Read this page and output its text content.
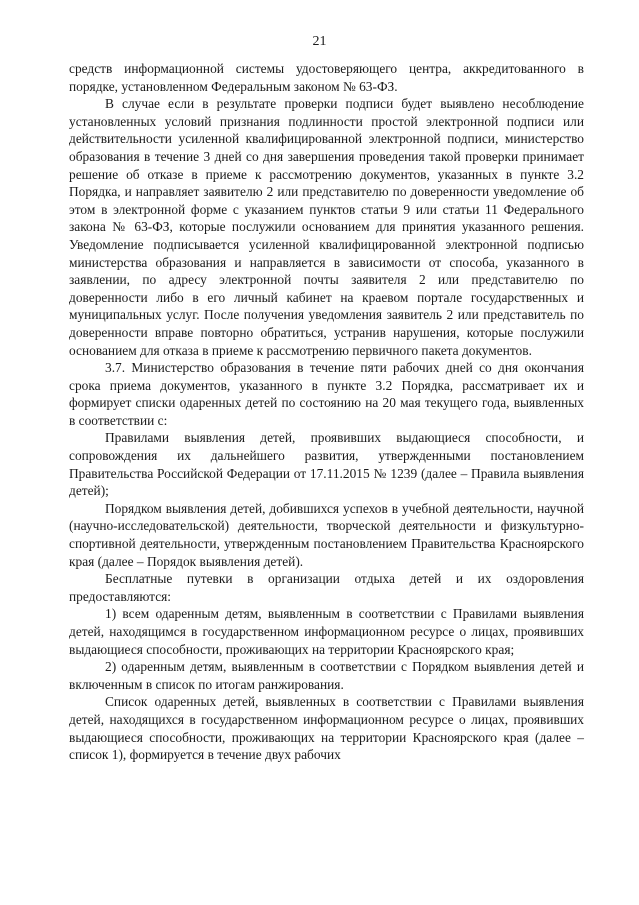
21

средств информационной системы удостоверяющего центра, аккредитованного в порядке, установленном Федеральным законом № 63-ФЗ.

В случае если в результате проверки подписи будет выявлено несоблюдение установленных условий признания подлинности простой электронной подписи или действительности усиленной квалифицированной электронной подписи, министерство образования в течение 3 дней со дня завершения проведения такой проверки принимает решение об отказе в приеме к рассмотрению документов, указанных в пункте 3.2 Порядка, и направляет заявителю 2 или представителю по доверенности уведомление об этом в электронной форме с указанием пунктов статьи 9 или статьи 11 Федерального закона № 63-ФЗ, которые послужили основанием для принятия указанного решения. Уведомление подписывается усиленной квалифицированной электронной подписью министерства образования и направляется в зависимости от способа, указанного в заявлении, по адресу электронной почты заявителя 2 или представителю по доверенности либо в его личный кабинет на краевом портале государственных и муниципальных услуг. После получения уведомления заявитель 2 или представитель по доверенности вправе повторно обратиться, устранив нарушения, которые послужили основанием для отказа в приеме к рассмотрению первичного пакета документов.

3.7. Министерство образования в течение пяти рабочих дней со дня окончания срока приема документов, указанного в пункте 3.2 Порядка, рассматривает их и формирует списки одаренных детей по состоянию на 20 мая текущего года, выявленных в соответствии с:

Правилами выявления детей, проявивших выдающиеся способности, и сопровождения их дальнейшего развития, утвержденными постановлением Правительства Российской Федерации от 17.11.2015 № 1239 (далее – Правила выявления детей);

Порядком выявления детей, добившихся успехов в учебной деятельности, научной (научно-исследовательской) деятельности, творческой деятельности и физкультурно-спортивной деятельности, утвержденным постановлением Правительства Красноярского края (далее – Порядок выявления детей).

Бесплатные путевки в организации отдыха детей и их оздоровления предоставляются:

1) всем одаренным детям, выявленным в соответствии с Правилами выявления детей, находящимся в государственном информационном ресурсе о лицах, проявивших выдающиеся способности, проживающих на территории Красноярского края;

2) одаренным детям, выявленным в соответствии с Порядком выявления детей и включенным в список по итогам ранжирования.

Список одаренных детей, выявленных в соответствии с Правилами выявления детей, находящихся в государственном информационном ресурсе о лицах, проявивших выдающиеся способности, проживающих на территории Красноярского края (далее – список 1), формируется в течение двух рабочих
